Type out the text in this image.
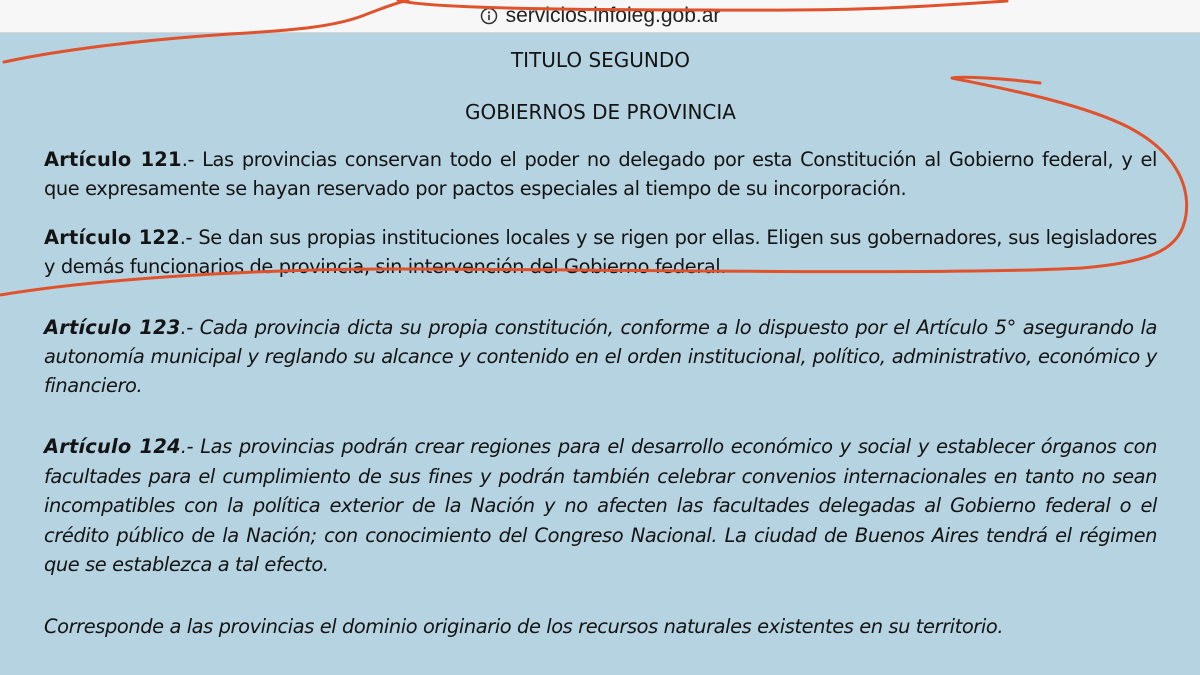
servicios.infoleg.gob.ar

TITULO SEGUNDO

GOBIERNOS DE PROVINCIA

Artículo 121.- Las provincias conservan todo el poder no delegado por esta Constitución al Gobierno federal, y el que expresamente se hayan reservado por pactos especiales al tiempo de su incorporación.

Artículo 122.- Se dan sus propias instituciones locales y se rigen por ellas. Eligen sus gobernadores, sus legisladores y demás funcionarios de provincia, sin intervención del Gobierno federal.

Artículo 123.- Cada provincia dicta su propia constitución, conforme a lo dispuesto por el Artículo 5° asegurando la autonomía municipal y reglando su alcance y contenido en el orden institucional, político, administrativo, económico y financiero.

Artículo 124.- Las provincias podrán crear regiones para el desarrollo económico y social y establecer órganos con facultades para el cumplimiento de sus fines y podrán también celebrar convenios internacionales en tanto no sean incompatibles con la política exterior de la Nación y no afecten las facultades delegadas al Gobierno federal o el crédito público de la Nación; con conocimiento del Congreso Nacional. La ciudad de Buenos Aires tendrá el régimen que se establezca a tal efecto.

Corresponde a las provincias el dominio originario de los recursos naturales existentes en su territorio.
